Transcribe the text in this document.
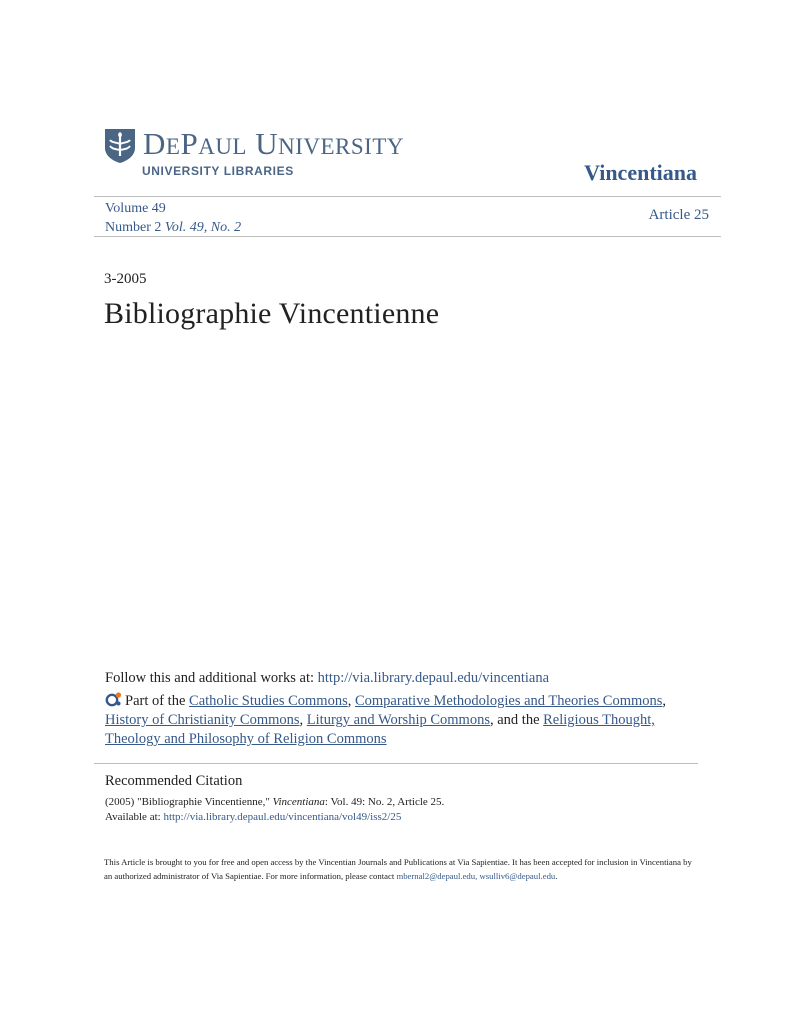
DEPAUL UNIVERSITY
UNIVERSITY LIBRARIES	Vincentiana
Volume 49
Number 2 Vol. 49, No. 2
Article 25
3-2005
Bibliographie Vincentienne
Follow this and additional works at: http://via.library.depaul.edu/vincentiana
Part of the Catholic Studies Commons, Comparative Methodologies and Theories Commons, History of Christianity Commons, Liturgy and Worship Commons, and the Religious Thought, Theology and Philosophy of Religion Commons
Recommended Citation
(2005) "Bibliographie Vincentienne," Vincentiana: Vol. 49: No. 2, Article 25.
Available at: http://via.library.depaul.edu/vincentiana/vol49/iss2/25
This Article is brought to you for free and open access by the Vincentian Journals and Publications at Via Sapientiae. It has been accepted for inclusion in Vincentiana by an authorized administrator of Via Sapientiae. For more information, please contact mbernal2@depaul.edu, wsulliv6@depaul.edu.
